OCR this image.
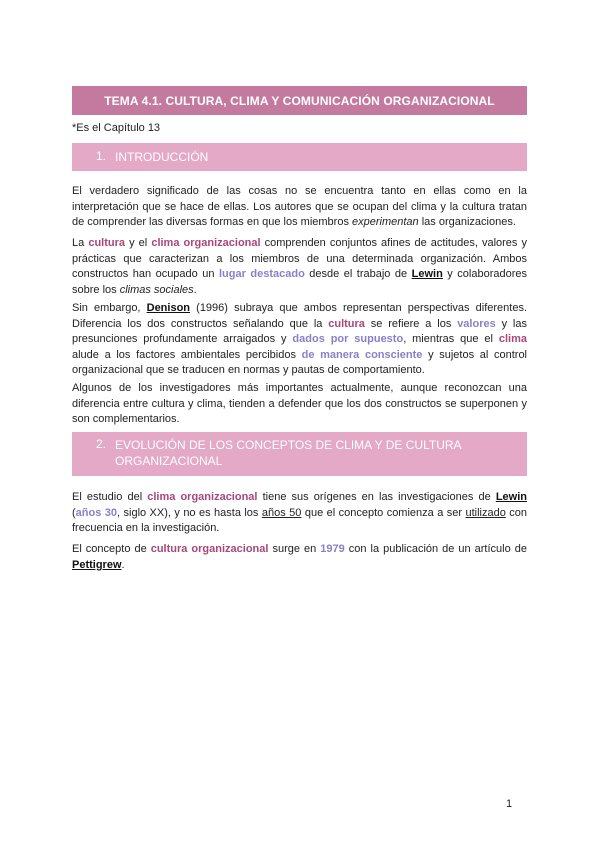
TEMA 4.1. CULTURA, CLIMA Y COMUNICACIÓN ORGANIZACIONAL
*Es el Capítulo 13
1. INTRODUCCIÓN

El verdadero significado de las cosas no se encuentra tanto en ellas como en la interpretación que se hace de ellas. Los autores que se ocupan del clima y la cultura tratan de comprender las diversas formas en que los miembros experimentan las organizaciones.

La cultura y el clima organizacional comprenden conjuntos afines de actitudes, valores y prácticas que caracterizan a los miembros de una determinada organización. Ambos constructos han ocupado un lugar destacado desde el trabajo de Lewin y colaboradores sobre los climas sociales.

Sin embargo, Denison (1996) subraya que ambos representan perspectivas diferentes. Diferencia los dos constructos señalando que la cultura se refiere a los valores y las presunciones profundamente arraigados y dados por supuesto, mientras que el clima alude a los factores ambientales percibidos de manera consciente y sujetos al control organizacional que se traducen en normas y pautas de comportamiento.

Algunos de los investigadores más importantes actualmente, aunque reconozcan una diferencia entre cultura y clima, tienden a defender que los dos constructos se superponen y son complementarios.

2. EVOLUCIÓN DE LOS CONCEPTOS DE CLIMA Y DE CULTURA ORGANIZACIONAL

El estudio del clima organizacional tiene sus orígenes en las investigaciones de Lewin (años 30, siglo XX), y no es hasta los años 50 que el concepto comienza a ser utilizado con frecuencia en la investigación.

El concepto de cultura organizacional surge en 1979 con la publicación de un artículo de Pettigrew.

1
